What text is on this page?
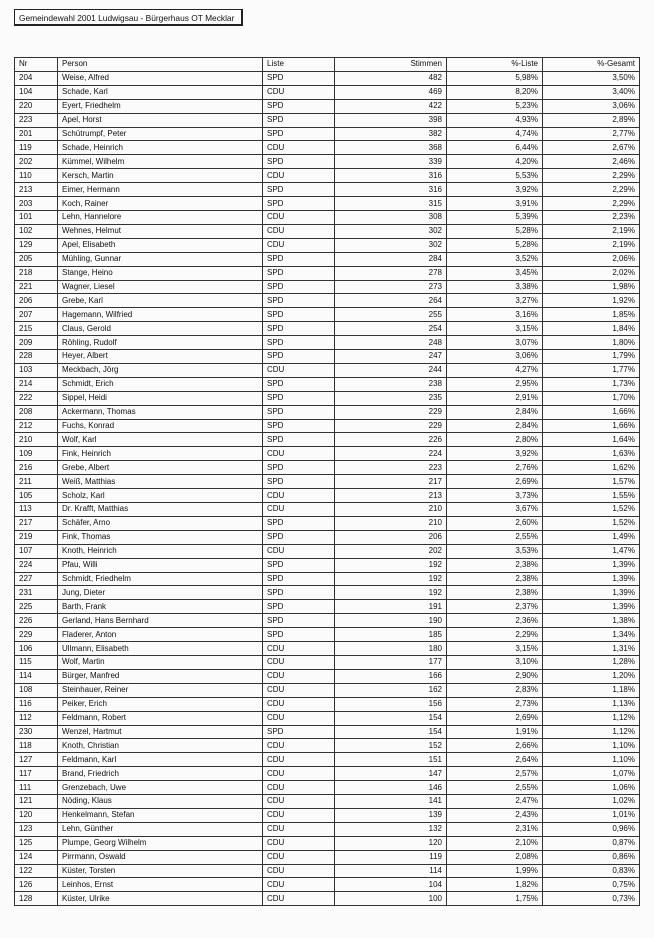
Gemeindewahl 2001 Ludwigsau - Bürgerhaus OT Mecklar
Nr	Person	Liste	Stimmen	%-Liste	%-Gesamt
204	Weise, Alfred	SPD	482	5,98%	3,50%
104	Schade, Karl	CDU	469	8,20%	3,40%
220	Eyert, Friedhelm	SPD	422	5,23%	3,06%
223	Apel, Horst	SPD	398	4,93%	2,89%
201	Schütrumpf, Peter	SPD	382	4,74%	2,77%
119	Schade, Heinrich	CDU	368	6,44%	2,67%
202	Kümmel, Wilhelm	SPD	339	4,20%	2,46%
110	Kersch, Martin	CDU	316	5,53%	2,29%
213	Eimer, Hermann	SPD	316	3,92%	2,29%
203	Koch, Rainer	SPD	315	3,91%	2,29%
101	Lehn, Hannelore	CDU	308	5,39%	2,23%
102	Wehnes, Helmut	CDU	302	5,28%	2,19%
129	Apel, Elisabeth	CDU	302	5,28%	2,19%
205	Mühling, Gunnar	SPD	284	3,52%	2,06%
218	Stange, Heino	SPD	278	3,45%	2,02%
221	Wagner, Liesel	SPD	273	3,38%	1,98%
206	Grebe, Karl	SPD	264	3,27%	1,92%
207	Hagemann, Wilfried	SPD	255	3,16%	1,85%
215	Claus, Gerold	SPD	254	3,15%	1,84%
209	Röhling, Rudolf	SPD	248	3,07%	1,80%
228	Heyer, Albert	SPD	247	3,06%	1,79%
103	Meckbach, Jörg	CDU	244	4,27%	1,77%
214	Schmidt, Erich	SPD	238	2,95%	1,73%
222	Sippel, Heidi	SPD	235	2,91%	1,70%
208	Ackermann, Thomas	SPD	229	2,84%	1,66%
212	Fuchs, Konrad	SPD	229	2,84%	1,66%
210	Wolf, Karl	SPD	226	2,80%	1,64%
109	Fink, Heinrich	CDU	224	3,92%	1,63%
216	Grebe, Albert	SPD	223	2,76%	1,62%
211	Weiß, Matthias	SPD	217	2,69%	1,57%
105	Scholz, Karl	CDU	213	3,73%	1,55%
113	Dr. Krafft, Matthias	CDU	210	3,67%	1,52%
217	Schäfer, Arno	SPD	210	2,60%	1,52%
219	Fink, Thomas	SPD	206	2,55%	1,49%
107	Knoth, Heinrich	CDU	202	3,53%	1,47%
224	Pfau, Willi	SPD	192	2,38%	1,39%
227	Schmidt, Friedhelm	SPD	192	2,38%	1,39%
231	Jung, Dieter	SPD	192	2,38%	1,39%
225	Barth, Frank	SPD	191	2,37%	1,39%
226	Gerland, Hans Bernhard	SPD	190	2,36%	1,38%
229	Fladerer, Anton	SPD	185	2,29%	1,34%
106	Ullmann, Elisabeth	CDU	180	3,15%	1,31%
115	Wolf, Martin	CDU	177	3,10%	1,28%
114	Bürger, Manfred	CDU	166	2,90%	1,20%
108	Steinhauer, Reiner	CDU	162	2,83%	1,18%
116	Peiker, Erich	CDU	156	2,73%	1,13%
112	Feldmann, Robert	CDU	154	2,69%	1,12%
230	Wenzel, Hartmut	SPD	154	1,91%	1,12%
118	Knoth, Christian	CDU	152	2,66%	1,10%
127	Feldmann, Karl	CDU	151	2,64%	1,10%
117	Brand, Friedrich	CDU	147	2,57%	1,07%
111	Grenzebach, Uwe	CDU	146	2,55%	1,06%
121	Nöding, Klaus	CDU	141	2,47%	1,02%
120	Henkelmann, Stefan	CDU	139	2,43%	1,01%
123	Lehn, Günther	CDU	132	2,31%	0,96%
125	Plumpe, Georg Wilhelm	CDU	120	2,10%	0,87%
124	Pirrmann, Oswald	CDU	119	2,08%	0,86%
122	Küster, Torsten	CDU	114	1,99%	0,83%
126	Leinhos, Ernst	CDU	104	1,82%	0,75%
128	Küster, Ulrike	CDU	100	1,75%	0,73%
